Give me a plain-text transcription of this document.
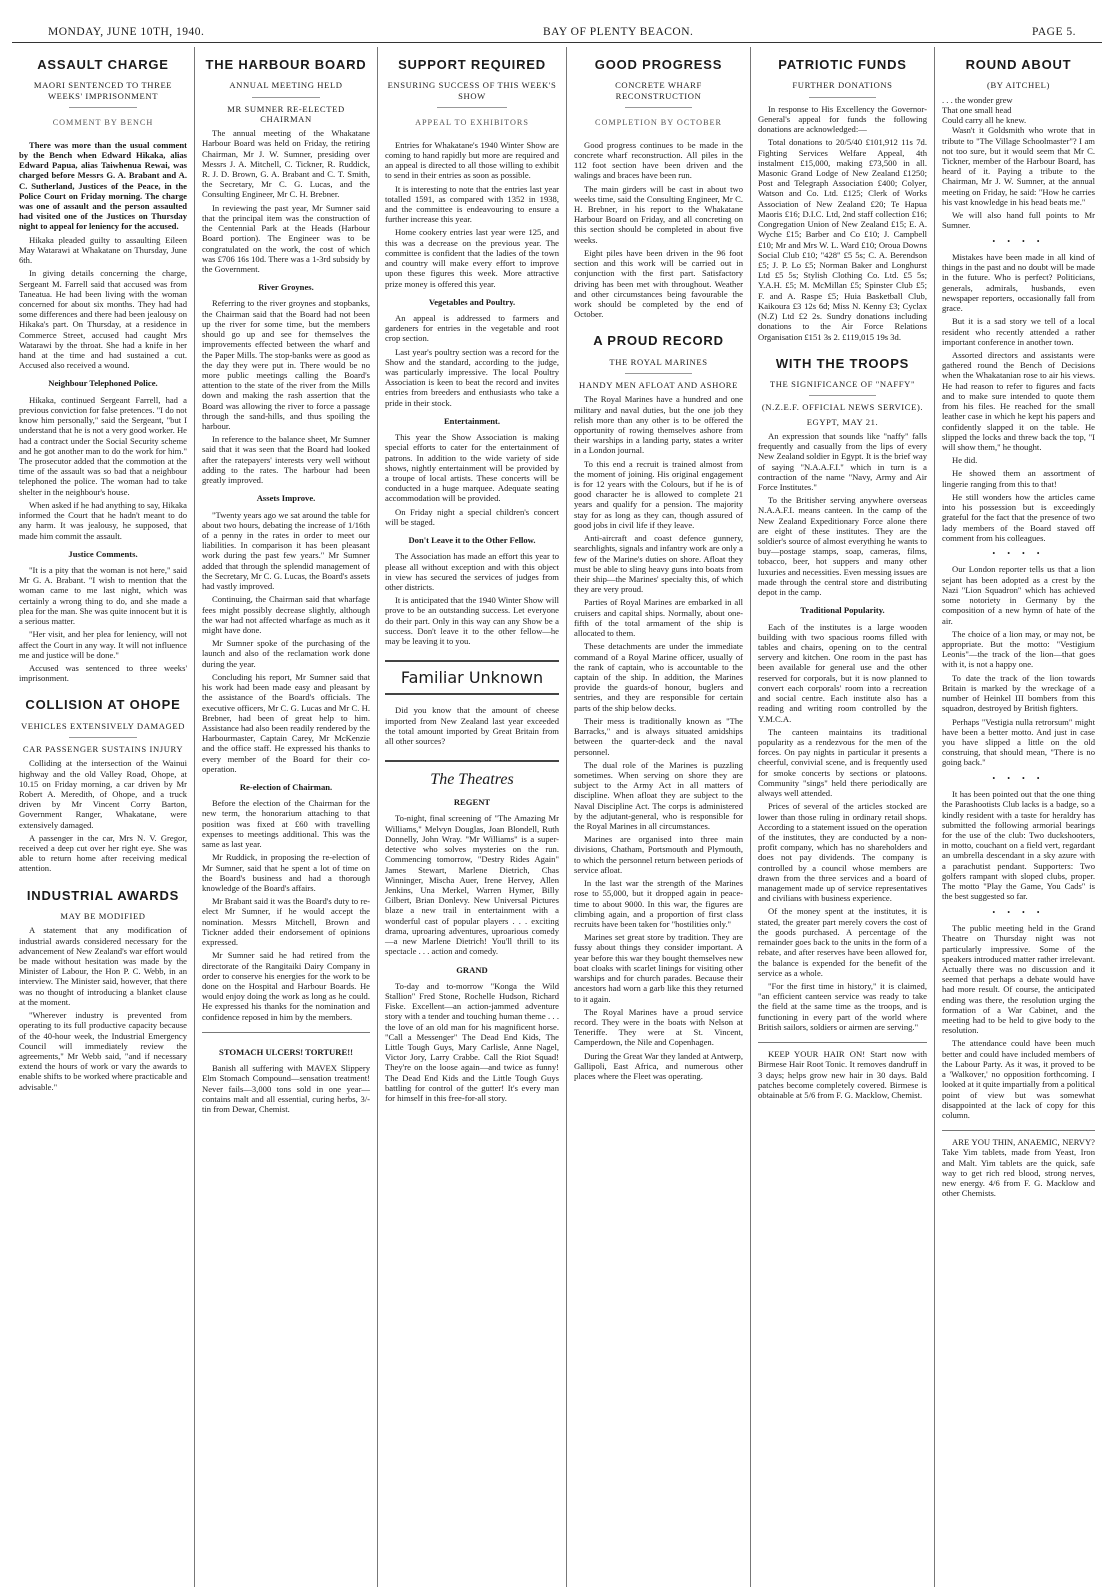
MONDAY, JUNE 10TH, 1940.	BAY OF PLENTY BEACON.	PAGE 5.
ASSAULT CHARGE
MAORI SENTENCED TO THREE WEEKS' IMPRISONMENT
COMMENT BY BENCH

There was more than the usual comment by the Bench when Edward Hikaka, alias Edward Papua, alias Taiwhenua Rewai, was charged before Messrs G. A. Brabant and A. C. Sutherland, Justices of the Peace, in the Police Court on Friday morning. The charge was one of assault and the person assaulted had visited one of the Justices on Thursday night to appeal for leniency for the accused.

Hikaka pleaded guilty to assaulting Eileen May Watarawi at Whakatane on Thursday, June 6th.

In giving details concerning the charge, Sergeant M. Farrell said that accused was from Taneatua. He had been living with the woman concerned for about six months. They had had some differences and there had been jealousy on Hikaka's part. On Thursday, at a residence in Commerce Street, accused had caught Mrs Watarawi by the throat. She had a knife in her hand at the time and had sustained a cut. Accused also received a wound.

Neighbour Telephoned Police.

Hikaka, continued Sergeant Farrell, had a previous conviction for false pretences. "I do not know him personally," said the Sergeant, "but I understand that he is not a very good worker. He had a contract under the Social Security scheme and he got another man to do the work for him." The prosecutor added that the commotion at the time of the assault was so bad that a neighbour telephoned the police. The woman had to take shelter in the neighbour's house.

When asked if he had anything to say, Hikaka informed the Court that he hadn't meant to do any harm. It was jealousy, he supposed, that made him commit the assault.

Justice Comments.

"It is a pity that the woman is not here," said Mr G. A. Brabant. "I wish to mention that the woman came to me last night, which was certainly a wrong thing to do, and she made a plea for the man. She was quite innocent but it is a serious matter.

"Her visit, and her plea for leniency, will not affect the Court in any way. It will not influence me and justice will be done."

Accused was sentenced to three weeks' imprisonment.

COLLISION AT OHOPE
VEHICLES EXTENSIVELY DAMAGED
CAR PASSENGER SUSTAINS INJURY

Colliding at the intersection of the Wainui highway and the old Valley Road, Ohope, at 10.15 on Friday morning, a car driven by Mr Robert A. Meredith, of Ohope, and a truck driven by Mr Vincent Corry Barton, Government Ranger, Whakatane, were extensively damaged.

A passenger in the car, Mrs N. V. Gregor, received a deep cut over her right eye. She was able to return home after receiving medical attention.

INDUSTRIAL AWARDS
MAY BE MODIFIED

A statement that any modification of industrial awards considered necessary for the advancement of New Zealand's war effort would be made without hesitation was made by the Minister of Labour, the Hon P. C. Webb, in an interview. The Minister said, however, that there was no thought of introducing a blanket clause at the moment.

"Wherever industry is prevented from operating to its full productive capacity because of the 40-hour week, the Industrial Emergency Council will immediately review the agreements," Mr Webb said, "and if necessary extend the hours of work or vary the awards to enable shifts to be worked where practicable and advisable."

THE HARBOUR BOARD
ANNUAL MEETING HELD
MR SUMNER RE-ELECTED CHAIRMAN

The annual meeting of the Whakatane Harbour Board was held on Friday, the retiring Chairman, Mr J. W. Sumner, presiding over Messrs J. A. Mitchell, C. Tickner, R. Ruddick, R. J. D. Brown, G. A. Brabant and C. T. Smith, the Secretary, Mr C. G. Lucas, and the Consulting Engineer, Mr C. H. Brebner.

In reviewing the past year, Mr Sumner said that the principal item was the construction of the Centennial Park at the Heads (Harbour Board portion). The Engineer was to be congratulated on the work, the cost of which was £706 16s 10d. There was a 1-3rd subsidy by the Government.

River Groynes.

Referring to the river groynes and stopbanks, the Chairman said that the Board had not been up the river for some time, but the members should go up and see for themselves the improvements effected between the wharf and the Paper Mills. The stop-banks were as good as the day they were put in. There would be no more public meetings calling the Board's attention to the state of the river from the Mills down and making the rash assertion that the Board was allowing the river to force a passage through the sand-hills, and thus spoiling the harbour.

In reference to the balance sheet, Mr Sumner said that it was seen that the Board had looked after the ratepayers' interests very well without adding to the rates. The harbour had been greatly improved.

Assets Improve.

"Twenty years ago we sat around the table for about two hours, debating the increase of 1/16th of a penny in the rates in order to meet our liabilities. In comparison it has been pleasant work during the past few years." Mr Sumner added that through the splendid management of the Secretary, Mr C. G. Lucas, the Board's assets had vastly improved.

Continuing, the Chairman said that wharfage fees might possibly decrease slightly, although the war had not affected wharfage as much as it might have done.

Mr Sumner spoke of the purchasing of the launch and also of the reclamation work done during the year.

Concluding his report, Mr Sumner said that his work had been made easy and pleasant by the assistance of the Board's officials. The executive officers, Mr C. G. Lucas and Mr C. H. Brebner, had been of great help to him. Assistance had also been readily rendered by the Harbourmaster, Captain Carey, Mr McKenzie and the office staff. He expressed his thanks to every member of the Board for their co-operation.

Re-election of Chairman.

Before the election of the Chairman for the new term, the honorarium attaching to that position was fixed at £60 with travelling expenses to meetings additional. This was the same as last year.

Mr Ruddick, in proposing the re-election of Mr Sumner, said that he spent a lot of time on the Board's business and had a thorough knowledge of the Board's affairs.

Mr Brabant said it was the Board's duty to re-elect Mr Sumner, if he would accept the nomination. Messrs Mitchell, Brown and Tickner added their endorsement of opinions expressed.

Mr Sumner said he had retired from the directorate of the Rangitaiki Dairy Company in order to conserve his energies for the work to be done on the Hospital and Harbour Boards. He would enjoy doing the work as long as he could. He expressed his thanks for the nomination and confidence reposed in him by the members.

STOMACH ULCERS! TORTURE!!

Banish all suffering with MAVEX Slippery Elm Stomach Compound—sensation treatment! Never fails—3,000 tons sold in one year—contains malt and all essential, curing herbs, 3/- tin from Dewar, Chemist.

SUPPORT REQUIRED
ENSURING SUCCESS OF THIS WEEK'S SHOW
APPEAL TO EXHIBITORS

Entries for Whakatane's 1940 Winter Show are coming to hand rapidly but more are required and an appeal is directed to all those willing to exhibit to send in their entries as soon as possible.

It is interesting to note that the entries last year totalled 1591, as compared with 1352 in 1938, and the committee is endeavouring to ensure a further increase this year.

Home cookery entries last year were 125, and this was a decrease on the previous year. The committee is confident that the ladies of the town and country will make every effort to improve upon these figures this week. More attractive prize money is offered this year.

Vegetables and Poultry.

An appeal is addressed to farmers and gardeners for entries in the vegetable and root crop section.

Last year's poultry section was a record for the Show and the standard, according to the judge, was particularly impressive. The local Poultry Association is keen to beat the record and invites entries from breeders and enthusiasts who take a pride in their stock.

Entertainment.

This year the Show Association is making special efforts to cater for the entertainment of patrons. In addition to the wide variety of side shows, nightly entertainment will be provided by a troupe of local artists. These concerts will be conducted in a huge marquee. Adequate seating accommodation will be provided.

On Friday night a special children's concert will be staged.

Don't Leave it to the Other Fellow.

The Association has made an effort this year to please all without exception and with this object in view has secured the services of judges from other districts.

It is anticipated that the 1940 Winter Show will prove to be an outstanding success. Let everyone do their part. Only in this way can any Show be a success. Don't leave it to the other fellow—he may be leaving it to you.

Familiar Unknown

Did you know that the amount of cheese imported from New Zealand last year exceeded the total amount imported by Great Britain from all other sources?

The Theatres
REGENT

To-night, final screening of "The Amazing Mr Williams," Melvyn Douglas, Joan Blondell, Ruth Donnelly, John Wray. "Mr Williams" is a super-detective who solves mysteries on the run. Commencing tomorrow, "Destry Rides Again" James Stewart, Marlene Dietrich, Chas Winninger, Mischa Auer, Irene Hervey, Allen Jenkins, Una Merkel, Warren Hymer, Billy Gilbert, Brian Donlevy. New Universal Pictures blaze a new trail in entertainment with a wonderful cast of popular players . . . exciting drama, uproaring adventures, uproarious comedy—a new Marlene Dietrich! You'll thrill to its spectacle . . . action and comedy.

GRAND

To-day and to-morrow "Konga the Wild Stallion" Fred Stone, Rochelle Hudson, Richard Fiske. Excellent—an action-jammed adventure story with a tender and touching human theme . . . the love of an old man for his magnificent horse. "Call a Messenger" The Dead End Kids, The Little Tough Guys, Mary Carlisle, Anne Nagel, Victor Jory, Larry Crabbe. Call the Riot Squad! They're on the loose again—and twice as funny! The Dead End Kids and the Little Tough Guys battling for control of the gutter! It's every man for himself in this free-for-all story.

GOOD PROGRESS
CONCRETE WHARF RECONSTRUCTION
COMPLETION BY OCTOBER

Good progress continues to be made in the concrete wharf reconstruction. All piles in the 112 foot section have been driven and the walings and braces have been run.

The main girders will be cast in about two weeks time, said the Consulting Engineer, Mr C. H. Brebner, in his report to the Whakatane Harbour Board on Friday, and all concreting on this section should be completed in about five weeks.

Eight piles have been driven in the 96 foot section and this work will be carried out in conjunction with the first part. Satisfactory driving has been met with throughout. Weather and other circumstances being favourable the work should be completed by the end of October.

A PROUD RECORD
THE ROYAL MARINES
HANDY MEN AFLOAT AND ASHORE

The Royal Marines have a hundred and one military and naval duties, but the one job they relish more than any other is to be offered the opportunity of rowing themselves ashore from their warships in a landing party, states a writer in a London journal.

To this end a recruit is trained almost from the moment of joining. His original engagement is for 12 years with the Colours, but if he is of good character he is allowed to complete 21 years and qualify for a pension. The majority stay for as long as they can, though assured of good jobs in civil life if they leave.

Anti-aircraft and coast defence gunnery, searchlights, signals and infantry work are only a few of the Marine's duties on shore. Afloat they must be able to sling heavy guns into boats from their ship—the Marines' specialty this, of which they are very proud.

Parties of Royal Marines are embarked in all cruisers and capital ships. Normally, about one-fifth of the total armament of the ship is allocated to them.

These detachments are under the immediate command of a Royal Marine officer, usually of the rank of captain, who is accountable to the captain of the ship. In addition, the Marines provide the guards-of honour, buglers and sentries, and they are responsible for certain parts of the ship below decks.

Their mess is traditionally known as "The Barracks," and is always situated amidships between the quarter-deck and the naval personnel.

The dual role of the Marines is puzzling sometimes. When serving on shore they are subject to the Army Act in all matters of discipline. When afloat they are subject to the Naval Discipline Act. The corps is administered by the adjutant-general, who is responsible for the Royal Marines in all circumstances.

Marines are organised into three main divisions, Chatham, Portsmouth and Plymouth, to which the personnel return between periods of service afloat.

In the last war the strength of the Marines rose to 55,000, but it dropped again in peace-time to about 9000. In this war, the figures are climbing again, and a proportion of first class recruits have been taken for "hostilities only."

Marines set great store by tradition. They are fussy about things they consider important. A year before this war they bought themselves new boat cloaks with scarlet linings for visiting other warships and for church parades. Because their ancestors had worn a garb like this they returned to it again.

The Royal Marines have a proud service record. They were in the boats with Nelson at Teneriffe. They were at St. Vincent, Camperdown, the Nile and Copenhagen.

During the Great War they landed at Antwerp, Gallipoli, East Africa, and numerous other places where the Fleet was operating.

PATRIOTIC FUNDS
FURTHER DONATIONS

In response to His Excellency the Governor-General's appeal for funds the following donations are acknowledged:—

Total donations to 20/5/40 £101,912 11s 7d. Fighting Services Welfare Appeal, 4th instalment £15,000, making £73,500 in all. Masonic Grand Lodge of New Zealand £1250; Post and Telegraph Association £400; Colyer, Watson and Co. Ltd. £125; Clerk of Works Association of New Zealand £20; Te Hapua Maoris £16; D.I.C. Ltd, 2nd staff collection £16; Congregation Union of New Zealand £15; E. A. Wyche £15; Barber and Co £10; J. Campbell £10; Mr and Mrs W. L. Ward £10; Oroua Downs Social Club £10; "428" £5 5s; C. A. Berendson £5; J. P. Lo £5; Norman Baker and Longhurst Ltd £5 5s; Stylish Clothing Co. Ltd. £5 5s; Y.A.H. £5; M. McMillan £5; Spinster Club £5; F. and A. Raspe £5; Huia Basketball Club, Kaikoura £3 12s 6d; Miss N. Kenny £3; Cyclax (N.Z) Ltd £2 2s. Sundry donations including donations to the Air Force Relations Organisation £151 3s 2. £119,015 19s 3d.

WITH THE TROOPS
THE SIGNIFICANCE OF "NAFFY"
(N.Z.E.F. OFFICIAL NEWS SERVICE).
EGYPT, MAY 21.

An expression that sounds like "naffy" falls frequently and casually from the lips of every New Zealand soldier in Egypt. It is the brief way of saying "N.A.A.F.I." which in turn is a contraction of the name "Navy, Army and Air Force Institutes."

To the Britisher serving anywhere overseas N.A.A.F.I. means canteen. In the camp of the New Zealand Expeditionary Force alone there are eight of these institutes. They are the soldier's source of almost everything he wants to buy—postage stamps, soap, cameras, films, tobacco, beer, hot suppers and many other luxuries and necessities. Even messing issues are made through the central store and distributing depot in the camp.

Traditional Popularity.

Each of the institutes is a large wooden building with two spacious rooms filled with tables and chairs, opening on to the central servery and kitchen. One room in the past has been available for general use and the other reserved for corporals, but it is now planned to convert each corporals' room into a recreation and social centre. Each institute also has a reading and writing room controlled by the Y.M.C.A.

The canteen maintains its traditional popularity as a rendezvous for the men of the forces. On pay nights in particular it presents a cheerful, convivial scene, and is frequently used for smoke concerts by sections or platoons. Community "sings" held there periodically are always well attended.

Prices of several of the articles stocked are lower than those ruling in ordinary retail shops. According to a statement issued on the operation of the institutes, they are conducted by a non-profit company, which has no shareholders and does not pay dividends. The company is controlled by a council whose members are drawn from the three services and a board of management made up of service representatives and civilians with business experience.

Of the money spent at the institutes, it is stated, the greater part merely covers the cost of the goods purchased. A percentage of the remainder goes back to the units in the form of a rebate, and after reserves have been allowed for, the balance is expended for the benefit of the service as a whole.

"For the first time in history," it is claimed, "an efficient canteen service was ready to take the field at the same time as the troops, and is functioning in every part of the world where British sailors, soldiers or airmen are serving."

KEEP YOUR HAIR ON! Start now with Birmese Hair Root Tonic. It removes dandruff in 3 days; helps grow new hair in 30 days. Bald patches become completely covered. Birmese is obtainable at 5/6 from F. G. Macklow, Chemist.

ROUND ABOUT
(BY AITCHEL)
. . . the wonder grew
That one small head
Could carry all he knew.

Wasn't it Goldsmith who wrote that in tribute to "The Village Schoolmaster"? I am not too sure, but it would seem that Mr C. Tickner, member of the Harbour Board, has heard of it. Paying a tribute to the Chairman, Mr J. W. Sumner, at the annual meeting on Friday, he said: "How he carries his vast knowledge in his head beats me."

We will also hand full points to Mr Sumner.

• • • •

Mistakes have been made in all kind of things in the past and no doubt will be made in the future. Who is perfect? Politicians, generals, admirals, husbands, even newspaper reporters, occasionally fall from grace.

But it is a sad story we tell of a local resident who recently attended a rather important conference in another town.

Assorted directors and assistants were gathered round the Bench of Decisions when the Whakatanian rose to air his views. He had reason to refer to figures and facts and to make sure intended to quote them from his files. He reached for the small leather case in which he kept his papers and confidently slapped it on the table. He slipped the locks and threw back the top, "I will show them," he thought.

He did.

He showed them an assortment of lingerie ranging from this to that!

He still wonders how the articles came into his possession but is exceedingly grateful for the fact that the presence of two lady members of the Board staved off comment from his colleagues.

• • • •

Our London reporter tells us that a lion sejant has been adopted as a crest by the Nazi "Lion Squadron" which has achieved some notoriety in Germany by the composition of a new hymn of hate of the air.

The choice of a lion may, or may not, be appropriate. But the motto: "Vestigium Leonis"—the track of the lion—that goes with it, is not a happy one.

To date the track of the lion towards Britain is marked by the wreckage of a number of Heinkel III bombers from this squadron, destroyed by British fighters.

Perhaps "Vestigia nulla retrorsum" might have been a better motto. And just in case you have slipped a little on the old construing, that should mean, "There is no going back."

• • • •

It has been pointed out that the one thing the Parashootists Club lacks is a badge, so a kindly resident with a taste for heraldry has submitted the following armorial bearings for the use of the club: Two duckshooters, in motto, couchant on a field vert, regardant an umbrella descendant in a sky azure with a parachutist pendant. Supporters: Two golfers rampant with sloped clubs, proper. The motto "Play the Game, You Cads" is the best suggested so far.

• • • •

The public meeting held in the Grand Theatre on Thursday night was not particularly impressive. Some of the speakers introduced matter rather irrelevant. Actually there was no discussion and it seemed that perhaps a debate would have had more result. Of course, the anticipated ending was there, the resolution urging the formation of a War Cabinet, and the meeting had to be held to give body to the resolution.

The attendance could have been much better and could have included members of the Labour Party. As it was, it proved to be a 'Walkover,' no opposition forthcoming. I looked at it quite impartially from a political point of view but was somewhat disappointed at the lack of copy for this column.

ARE YOU THIN, ANAEMIC, NERVY? Take Yim tablets, made from Yeast, Iron and Malt. Yim tablets are the quick, safe way to get rich red blood, strong nerves, new energy. 4/6 from F. G. Macklow and other Chemists.
